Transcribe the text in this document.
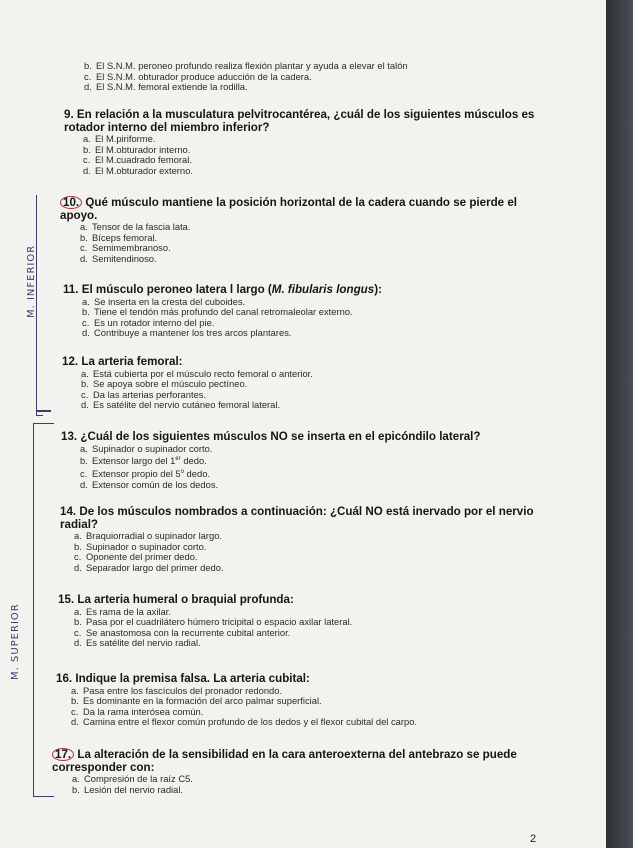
b. El S.N.M. peroneo profundo realiza flexión plantar y ayuda a elevar el talón
c. El S.N.M. obturador produce aducción de la cadera.
d. El S.N.M. femoral extiende la rodilla.

9. En relación a la musculatura pelvitrocantérea, ¿cuál de los siguientes músculos es rotador interno del miembro inferior?

a. El M.piriforme.
b. El M.obturador interno.
c. El M.cuadrado femoral.
d. El M.obturador externo.

10. Qué músculo mantiene la posición horizontal de la cadera cuando se pierde el apoyo.

a. Tensor de la fascia lata.
b. Bíceps femoral.
c. Semimembranoso.
d. Semitendinoso.

11. El músculo peroneo latera l largo (M. fibularis longus):

a. Se inserta en la cresta del cuboides.
b. Tiene el tendón más profundo del canal retromaleolar externo.
c. Es un rotador interno del pie.
d. Contribuye a mantener los tres arcos plantares.

12. La arteria femoral:

a. Está cubierta por el músculo recto femoral o anterior.
b. Se apoya sobre el músculo pectíneo.
c. Da las arterias perforantes.
d. Es satélite del nervio cutáneo femoral lateral.

13. ¿Cuál de los siguientes músculos NO se inserta en el epicóndilo lateral?

a. Supinador o supinador corto.
b. Extensor largo del 1er dedo.
c. Extensor propio del 5$^o$ dedo.
d. Extensor común de los dedos.

14. De los músculos nombrados a continuación: ¿Cuál NO está inervado por el nervio radial?

a. Braquiorradial o supinador largo.
b. Supinador o supinador corto.
c. Oponente del primer dedo.
d. Separador largo del primer dedo.

15. La arteria humeral o braquial profunda:

a. Es rama de la axilar.
b. Pasa por el cuadrilátero húmero tricipital o espacio axilar lateral.
c. Se anastomosa con la recurrente cubital anterior.
d. Es satélite del nervio radial.

16. Indique la premisa falsa. La arteria cubital:

a. Pasa entre los fascículos del pronador redondo.
b. Es dominante en la formación del arco palmar superficial.
c. Da la rama interósea común.
d. Camina entre el flexor común profundo de los dedos y el flexor cubital del carpo.

17. La alteración de la sensibilidad en la cara anteroexterna del antebrazo se puede corresponder con:

a. Compresión de la raíz C5.
b. Lesión del nervio radial.
M. INFERIOR
M. SUPERIOR
2
